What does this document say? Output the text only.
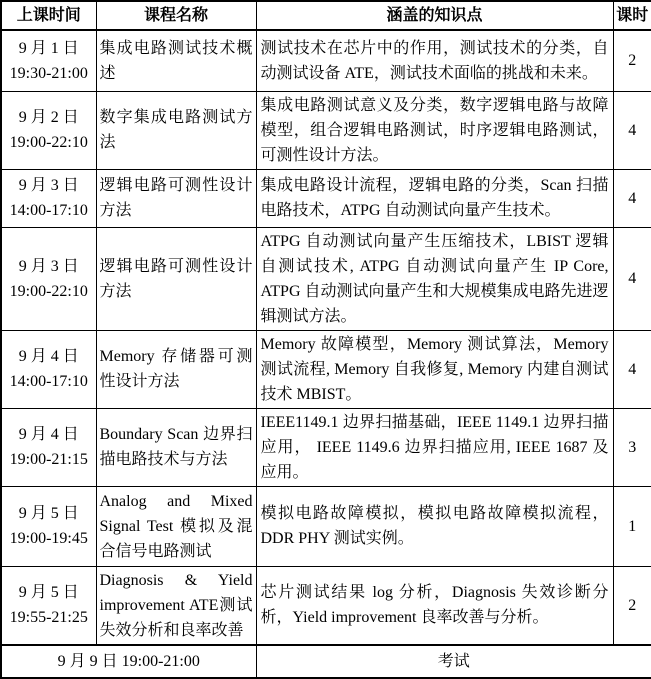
上课时间	课程名称	涵盖的知识点	课时

9 月 1 日
19:30-21:00	集成电路测试技术概述	测试技术在芯片中的作用，测试技术的分类，自动测试设备 ATE，测试技术面临的挑战和未来。	2

9 月 2 日
19:00-22:10	数字集成电路测试方法	集成电路测试意义及分类，数字逻辑电路与故障模型，组合逻辑电路测试，时序逻辑电路测试，可测性设计方法。	4

9 月 3 日
14:00-17:10	逻辑电路可测性设计方法	集成电路设计流程，逻辑电路的分类，Scan 扫描电路技术，ATPG 自动测试向量产生技术。	4

9 月 3 日
19:00-22:10	逻辑电路可测性设计方法	ATPG 自动测试向量产生压缩技术，LBIST 逻辑自测试技术, ATPG 自动测试向量产生 IP Core, ATPG 自动测试向量产生和大规模集成电路先进逻辑测试方法。	4

9 月 4 日
14:00-17:10	Memory 存储器可测性设计方法	Memory 故障模型，Memory 测试算法，Memory 测试流程, Memory 自我修复, Memory 内建自测试技术 MBIST。	4

9 月 4 日
19:00-21:15	Boundary Scan 边界扫描电路技术与方法	IEEE1149.1 边界扫描基础，IEEE 1149.1 边界扫描应用， IEEE 1149.6 边界扫描应用, IEEE 1687 及应用。	3

9 月 5 日
19:00-19:45	Analog and Mixed Signal Test 模拟及混合信号电路测试	模拟电路故障模拟，模拟电路故障模拟流程，DDR PHY 测试实例。	1

9 月 5 日
19:55-21:25	Diagnosis & Yield improvement ATE测试失效分析和良率改善	芯片测试结果 log 分析，Diagnosis 失效诊断分析，Yield improvement 良率改善与分析。	2
9 月 9 日 19:00-21:00		考试	
